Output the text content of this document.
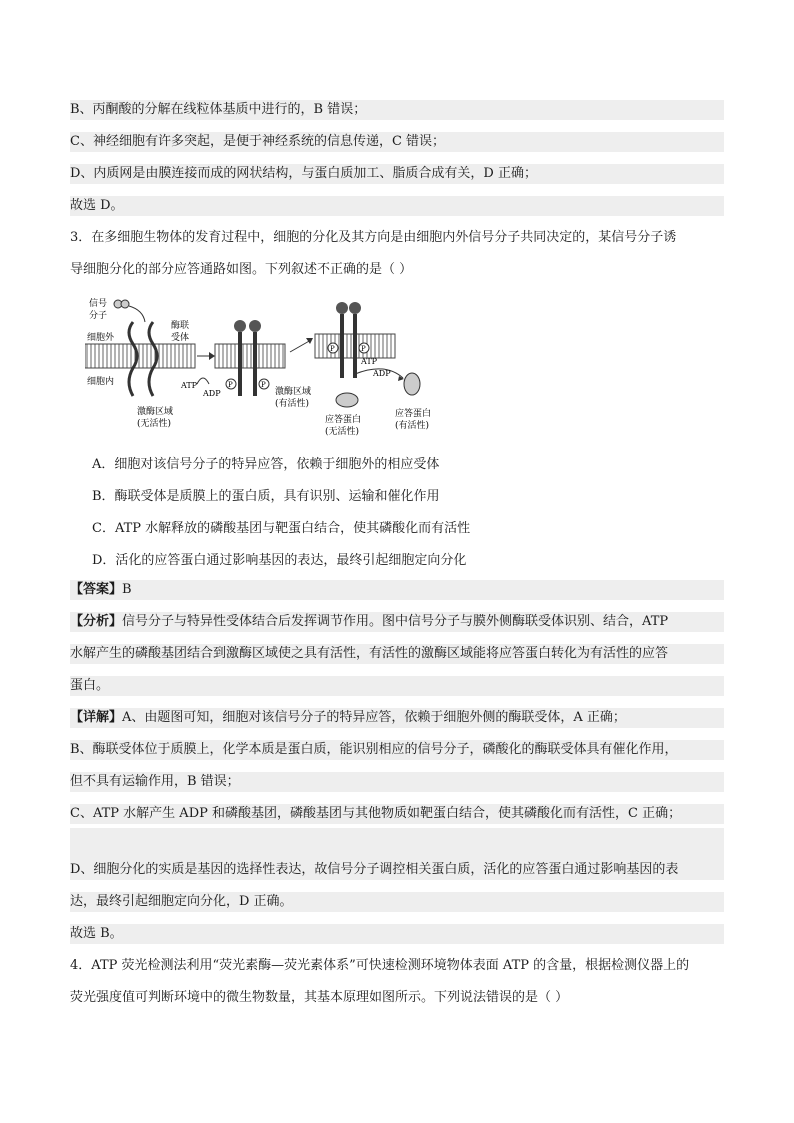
B、丙酮酸的分解在线粒体基质中进行的，B 错误；
C、神经细胞有许多突起，是便于神经系统的信息传递，C 错误；
D、内质网是由膜连接而成的网状结构，与蛋白质加工、脂质合成有关，D 正确；
故选 D。
3．在多细胞生物体的发育过程中，细胞的分化及其方向是由细胞内外信号分子共同决定的，某信号分子诱
导细胞分化的部分应答通路如图。下列叙述不正确的是（ ）
P	P
P	P
信号
分子
酶联
受体
细胞外
细胞内	ATP
ADP
激酶区域
(无活性)
激酶区域
(有活性)
ATP
ADP
应答蛋白
(无活性)
应答蛋白
(有活性)
A．细胞对该信号分子的特异应答，依赖于细胞外的相应受体
B．酶联受体是质膜上的蛋白质，具有识别、运输和催化作用
C．ATP 水解释放的磷酸基团与靶蛋白结合，使其磷酸化而有活性
D．活化的应答蛋白通过影响基因的表达，最终引起细胞定向分化
【答案】B
【分析】信号分子与特异性受体结合后发挥调节作用。图中信号分子与膜外侧酶联受体识别、结合，ATP
水解产生的磷酸基团结合到激酶区域使之具有活性，有活性的激酶区域能将应答蛋白转化为有活性的应答
蛋白。
【详解】A、由题图可知，细胞对该信号分子的特异应答，依赖于细胞外侧的酶联受体，A 正确；
B、酶联受体位于质膜上，化学本质是蛋白质，能识别相应的信号分子，磷酸化的酶联受体具有催化作用，
但不具有运输作用，B 错误；
C、ATP 水解产生 ADP 和磷酸基团，磷酸基团与其他物质如靶蛋白结合，使其磷酸化而有活性，C 正确；
D、细胞分化的实质是基因的选择性表达，故信号分子调控相关蛋白质，活化的应答蛋白通过影响基因的表
达，最终引起细胞定向分化，D 正确。
故选 B。
4．ATP 荧光检测法利用“荧光素酶—荧光素体系”可快速检测环境物体表面 ATP 的含量，根据检测仪器上的
荧光强度值可判断环境中的微生物数量，其基本原理如图所示。下列说法错误的是（ ）
